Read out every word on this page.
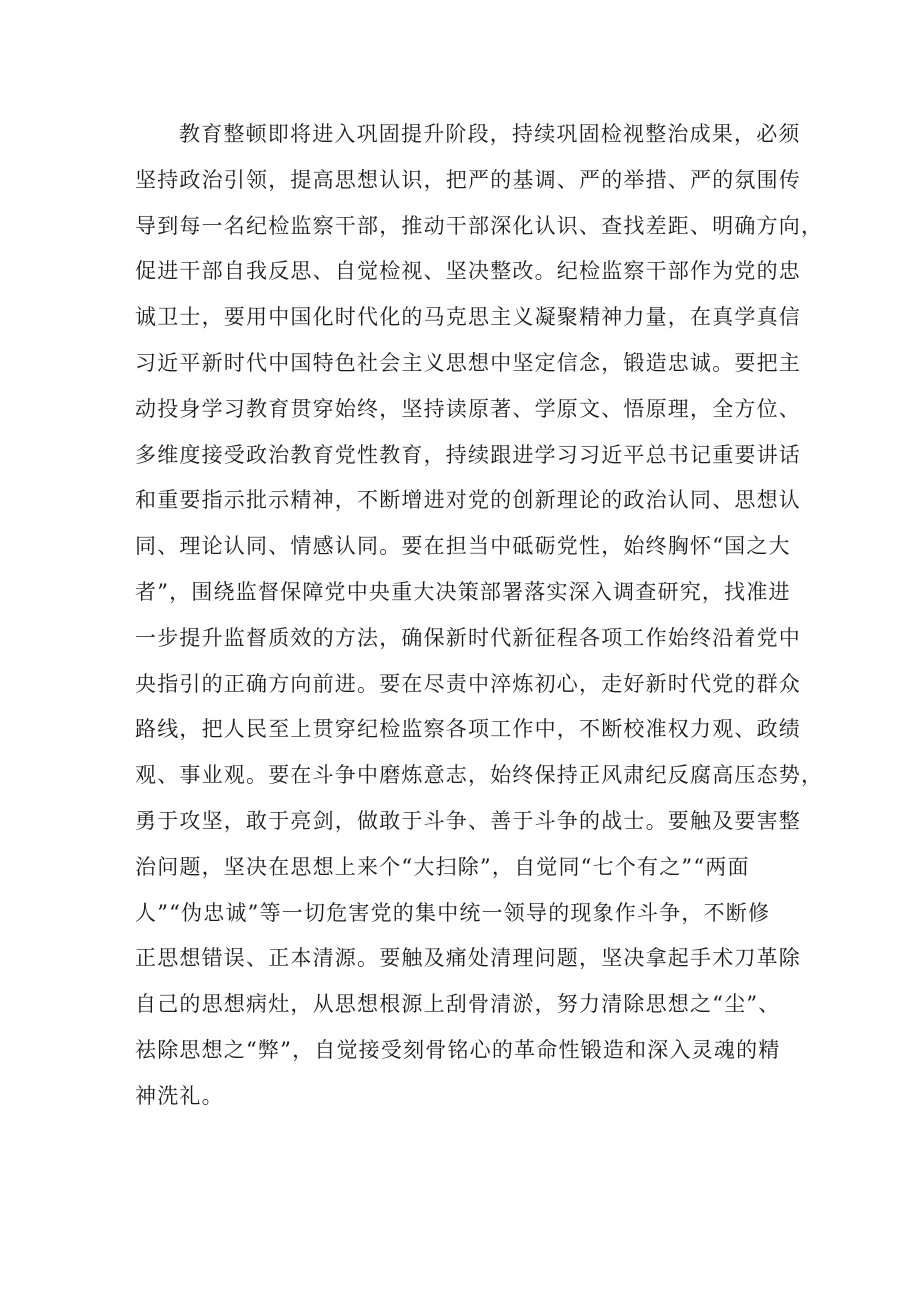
教育整顿即将进入巩固提升阶段，持续巩固检视整治成果，必须
坚持政治引领，提高思想认识，把严的基调、严的举措、严的氛围传
导到每一名纪检监察干部，推动干部深化认识、查找差距、明确方向，
促进干部自我反思、自觉检视、坚决整改。纪检监察干部作为党的忠
诚卫士，要用中国化时代化的马克思主义凝聚精神力量，在真学真信
习近平新时代中国特色社会主义思想中坚定信念，锻造忠诚。要把主
动投身学习教育贯穿始终，坚持读原著、学原文、悟原理，全方位、
多维度接受政治教育党性教育，持续跟进学习习近平总书记重要讲话
和重要指示批示精神，不断增进对党的创新理论的政治认同、思想认
同、理论认同、情感认同。要在担当中砥砺党性，始终胸怀“国之大
者”，围绕监督保障党中央重大决策部署落实深入调查研究，找准进
一步提升监督质效的方法，确保新时代新征程各项工作始终沿着党中
央指引的正确方向前进。要在尽责中淬炼初心，走好新时代党的群众
路线，把人民至上贯穿纪检监察各项工作中，不断校准权力观、政绩
观、事业观。要在斗争中磨炼意志，始终保持正风肃纪反腐高压态势，
勇于攻坚，敢于亮剑，做敢于斗争、善于斗争的战士。要触及要害整
治问题，坚决在思想上来个“大扫除”，自觉同“七个有之”“两面
人”“伪忠诚”等一切危害党的集中统一领导的现象作斗争，不断修
正思想错误、正本清源。要触及痛处清理问题，坚决拿起手术刀革除
自己的思想病灶，从思想根源上刮骨清淤，努力清除思想之“尘”、
祛除思想之“弊”，自觉接受刻骨铭心的革命性锻造和深入灵魂的精
神洗礼。
